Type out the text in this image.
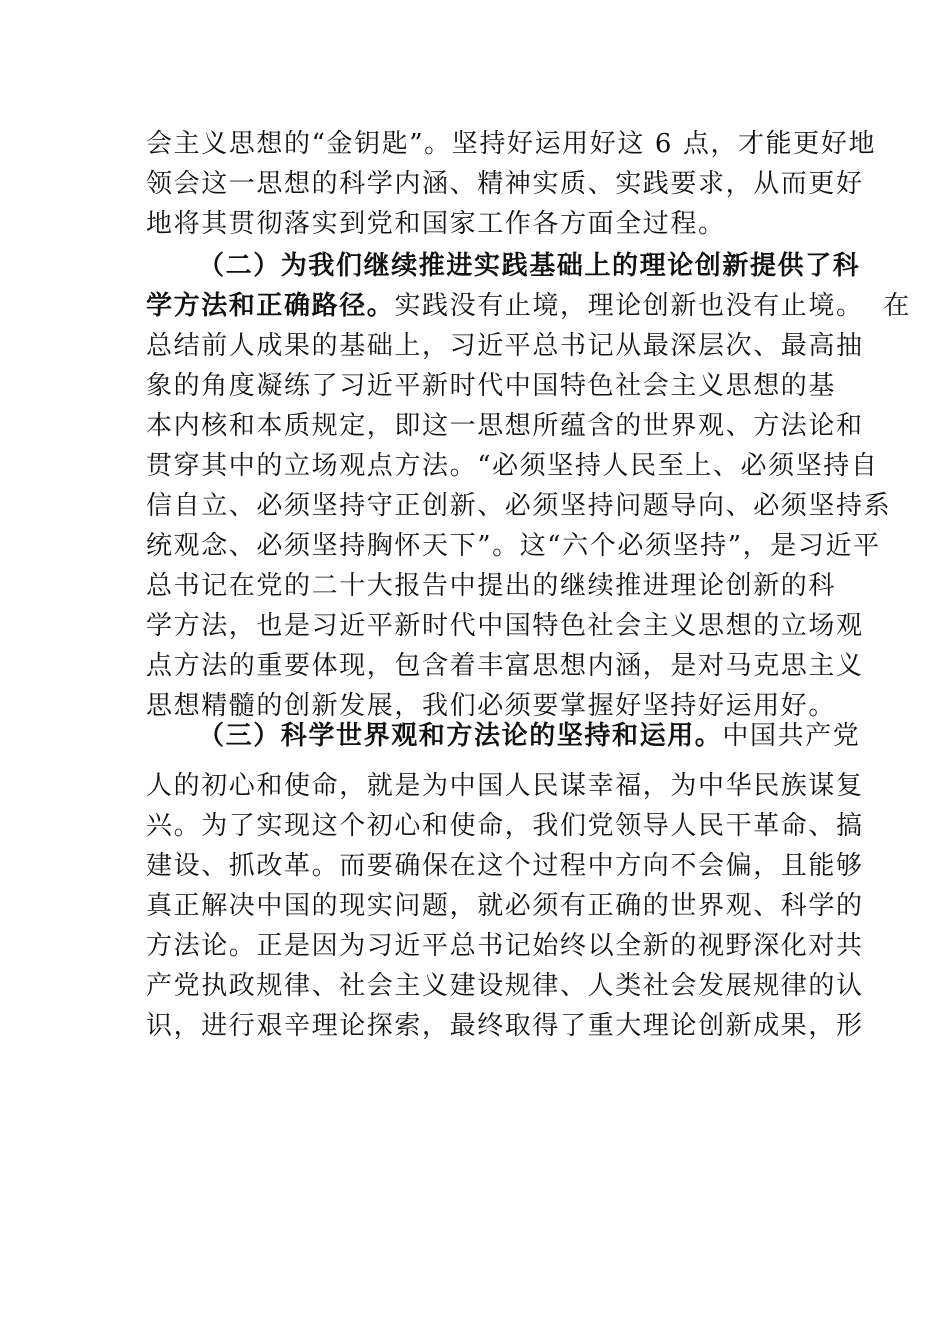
会主义思想的“金钥匙”。坚持好运用好这 6 点，才能更好地
领会这一思想的科学内涵、精神实质、实践要求，从而更好
地将其贯彻落实到党和国家工作各方面全过程。
（二）为我们继续推进实践基础上的理论创新提供了科
学方法和正确路径。实践没有止境，理论创新也没有止境。  在
总结前人成果的基础上，习近平总书记从最深层次、最高抽
象的角度凝练了习近平新时代中国特色社会主义思想的基
本内核和本质规定，即这一思想所蕴含的世界观、方法论和
贯穿其中的立场观点方法。“必须坚持人民至上、必须坚持自
信自立、必须坚持守正创新、必须坚持问题导向、必须坚持系
统观念、必须坚持胸怀天下”。这“六个必须坚持”，是习近平
总书记在党的二十大报告中提出的继续推进理论创新的科
学方法，也是习近平新时代中国特色社会主义思想的立场观
点方法的重要体现，包含着丰富思想内涵，是对马克思主义
思想精髓的创新发展，我们必须要掌握好坚持好运用好。
（三）科学世界观和方法论的坚持和运用。中国共产党
人的初心和使命，就是为中国人民谋幸福，为中华民族谋复
兴。为了实现这个初心和使命，我们党领导人民干革命、搞
建设、抓改革。而要确保在这个过程中方向不会偏，且能够
真正解决中国的现实问题，就必须有正确的世界观、科学的
方法论。正是因为习近平总书记始终以全新的视野深化对共
产党执政规律、社会主义建设规律、人类社会发展规律的认
识，进行艰辛理论探索，最终取得了重大理论创新成果，形
